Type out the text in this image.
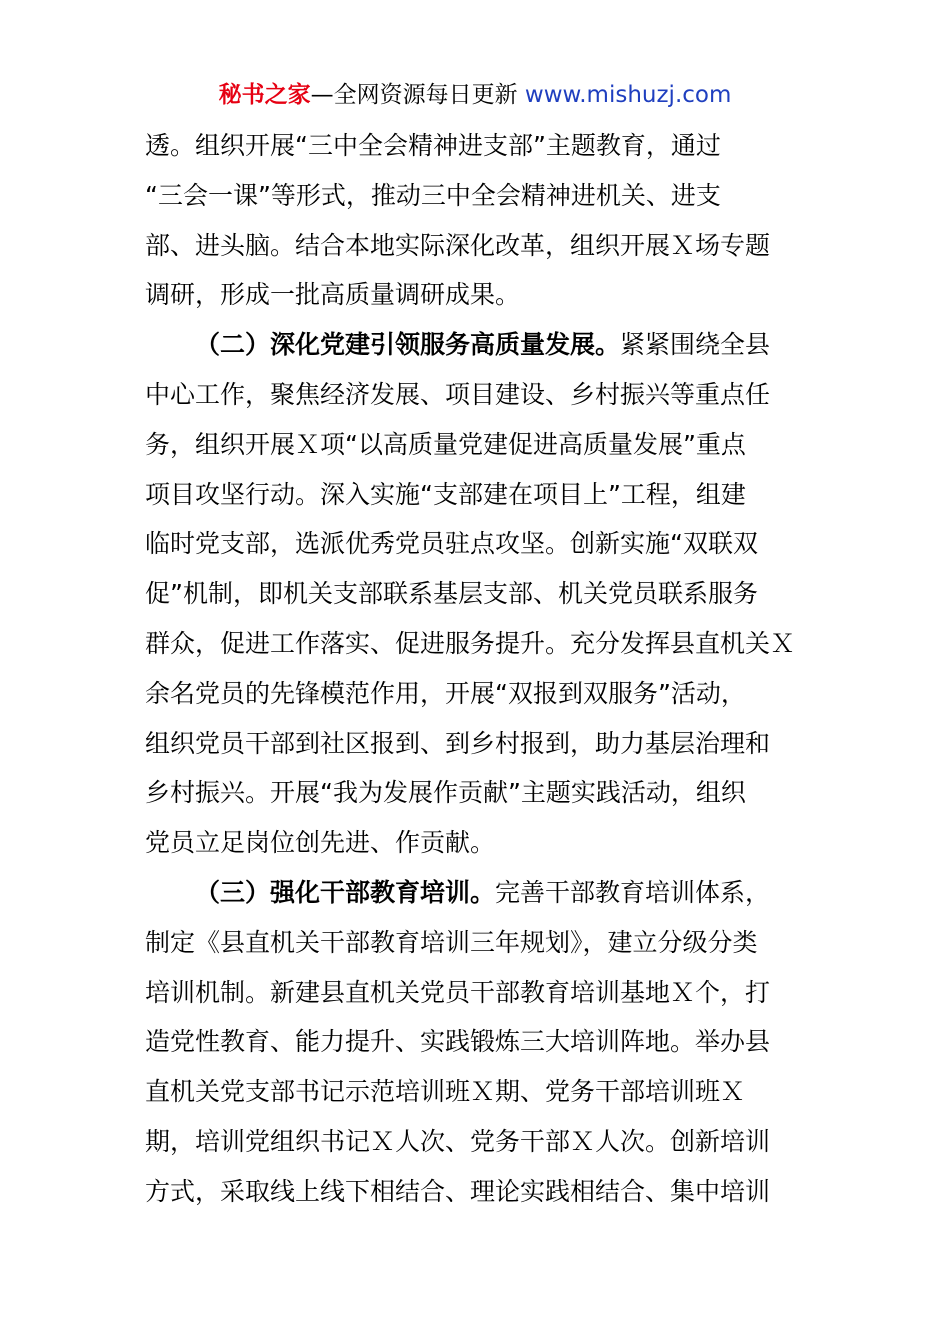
秘书之家—全网资源每日更新 www.mishuzj.com
透。组织开展“三中全会精神进支部”主题教育，通过
“三会一课”等形式，推动三中全会精神进机关、进支
部、进头脑。结合本地实际深化改革，组织开展Ｘ场专题
调研，形成一批高质量调研成果。
（二）深化党建引领服务高质量发展。紧紧围绕全县
中心工作，聚焦经济发展、项目建设、乡村振兴等重点任
务，组织开展Ｘ项“以高质量党建促进高质量发展”重点
项目攻坚行动。深入实施“支部建在项目上”工程，组建
临时党支部，选派优秀党员驻点攻坚。创新实施“双联双
促”机制，即机关支部联系基层支部、机关党员联系服务
群众，促进工作落实、促进服务提升。充分发挥县直机关Ｘ
余名党员的先锋模范作用，开展“双报到双服务”活动，
组织党员干部到社区报到、到乡村报到，助力基层治理和
乡村振兴。开展“我为发展作贡献”主题实践活动，组织
党员立足岗位创先进、作贡献。
（三）强化干部教育培训。完善干部教育培训体系，
制定《县直机关干部教育培训三年规划》，建立分级分类
培训机制。新建县直机关党员干部教育培训基地Ｘ个，打
造党性教育、能力提升、实践锻炼三大培训阵地。举办县
直机关党支部书记示范培训班Ｘ期、党务干部培训班Ｘ
期，培训党组织书记Ｘ人次、党务干部Ｘ人次。创新培训
方式，采取线上线下相结合、理论实践相结合、集中培训
